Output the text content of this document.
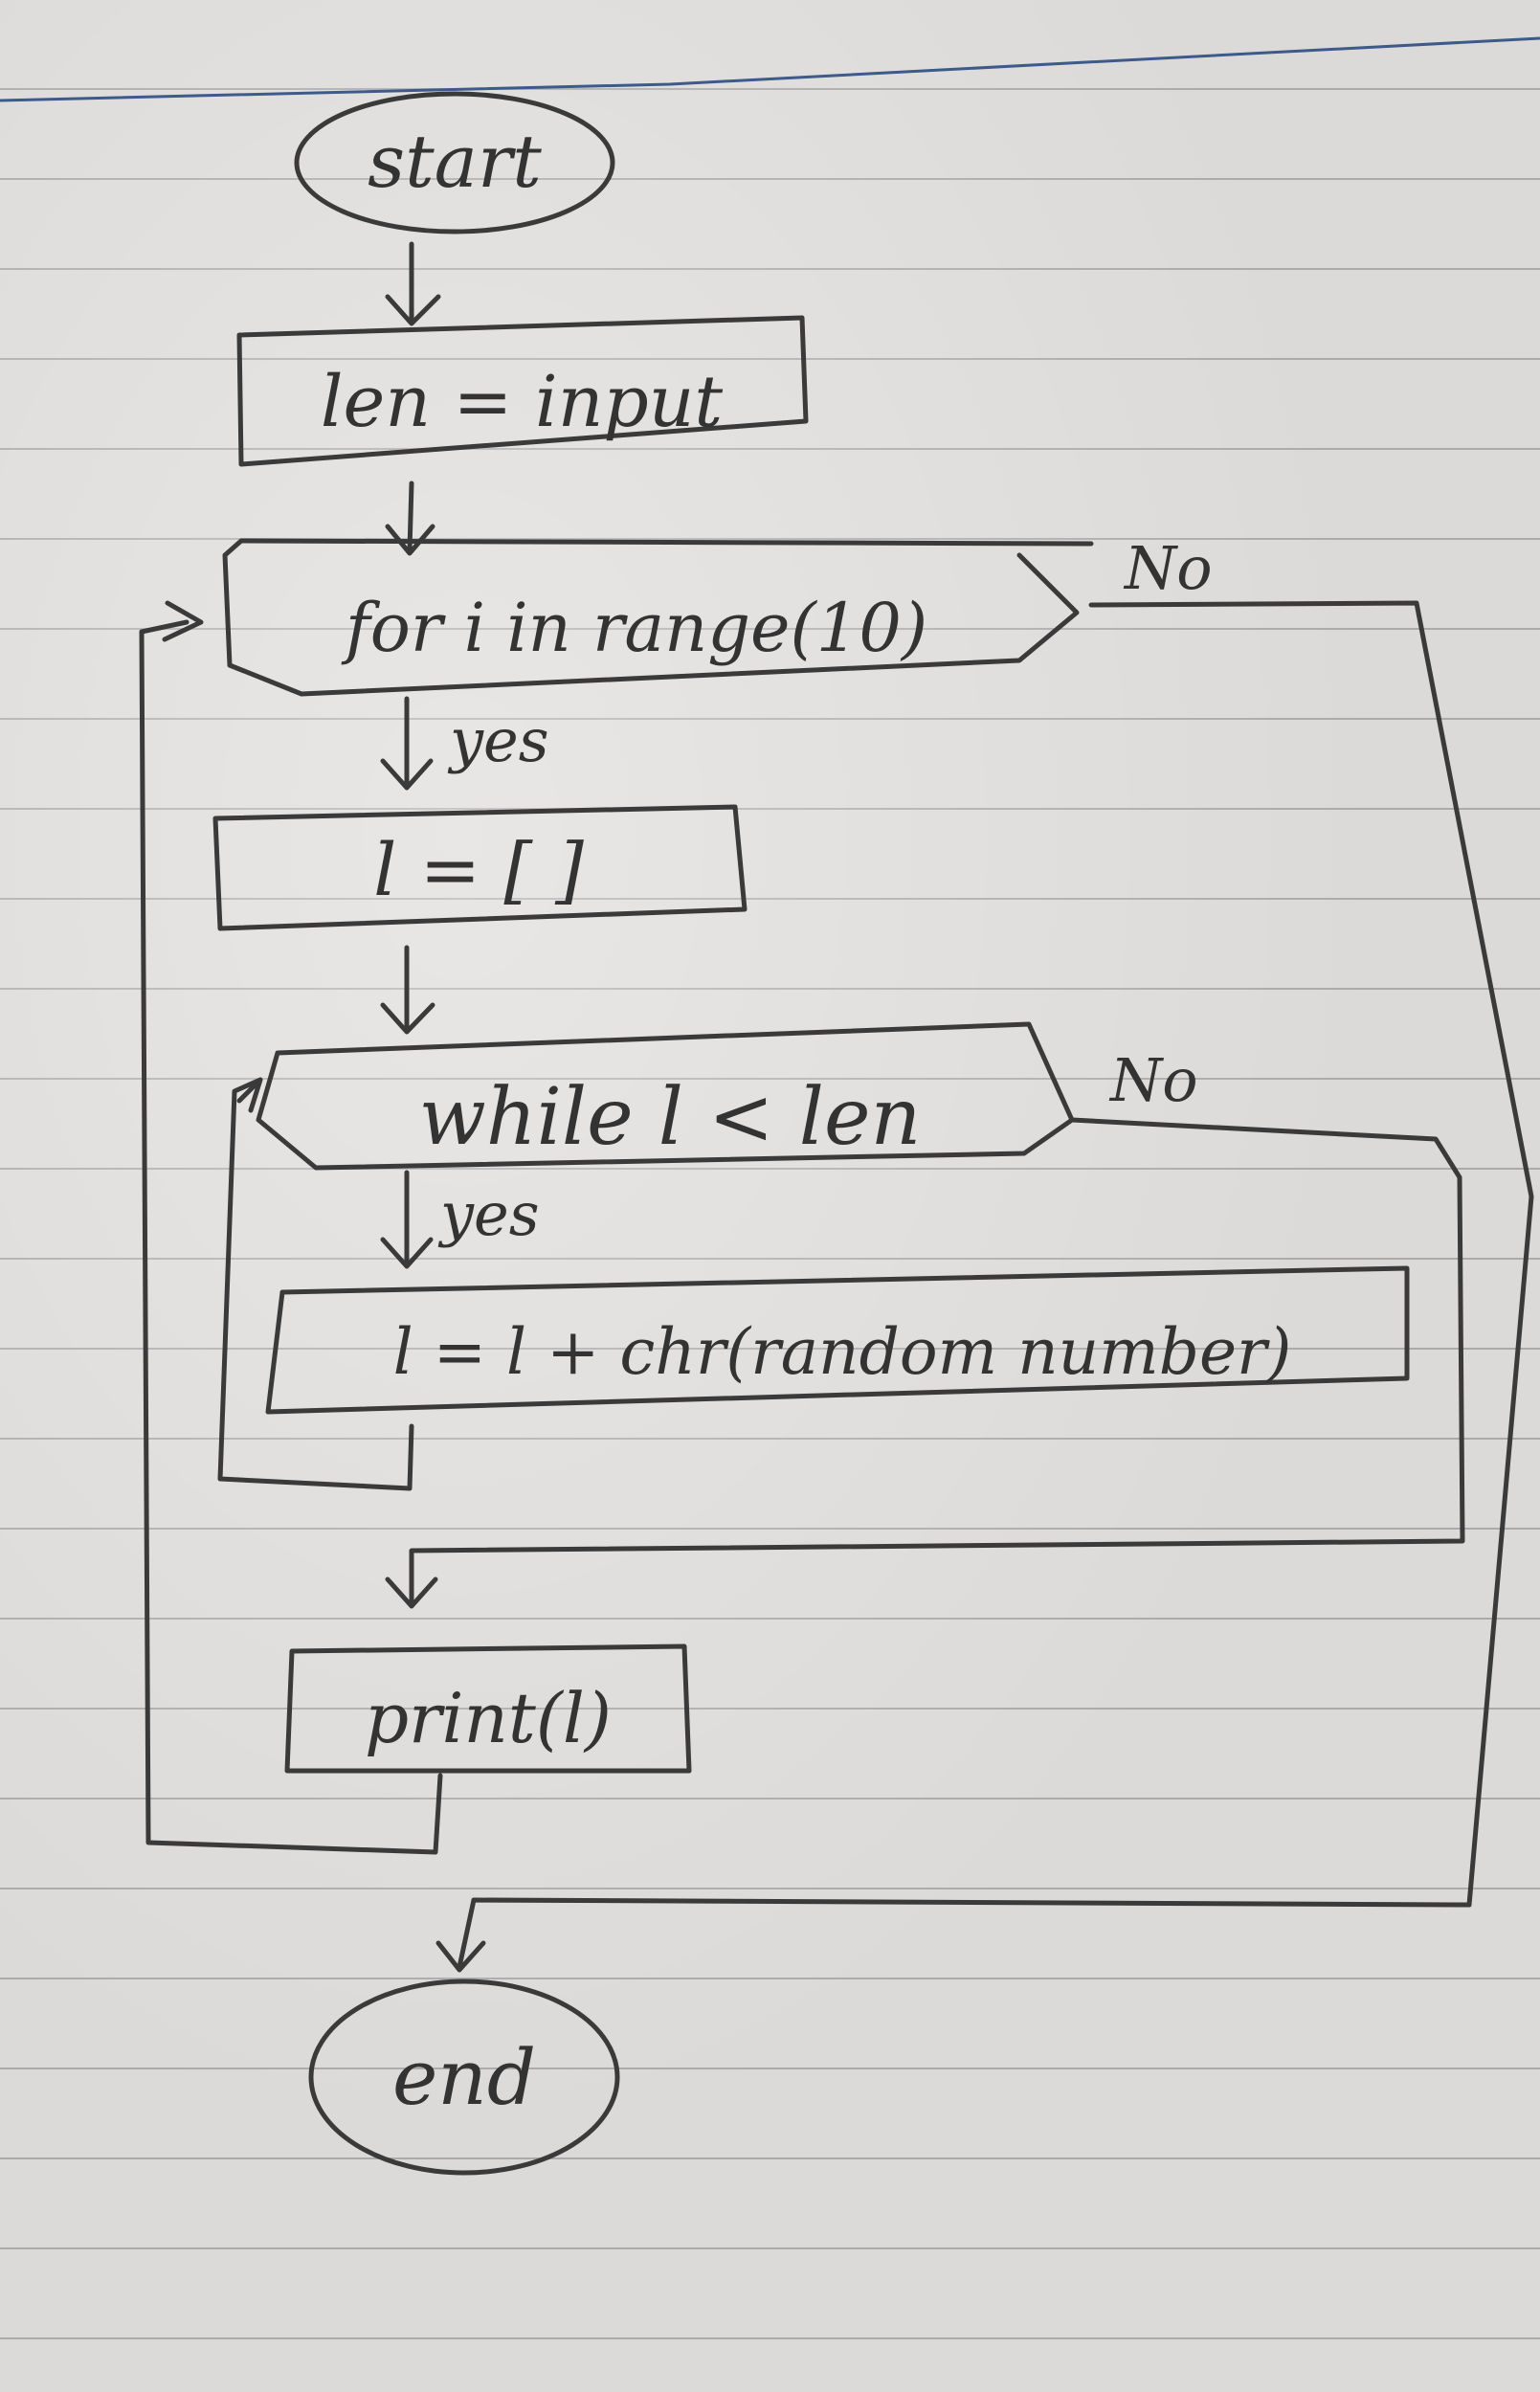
start
len = input
for i in range(10)
No
yes
l = [ ]
while l < len	No
yes
l = l + chr(random number)
print(l)
end
